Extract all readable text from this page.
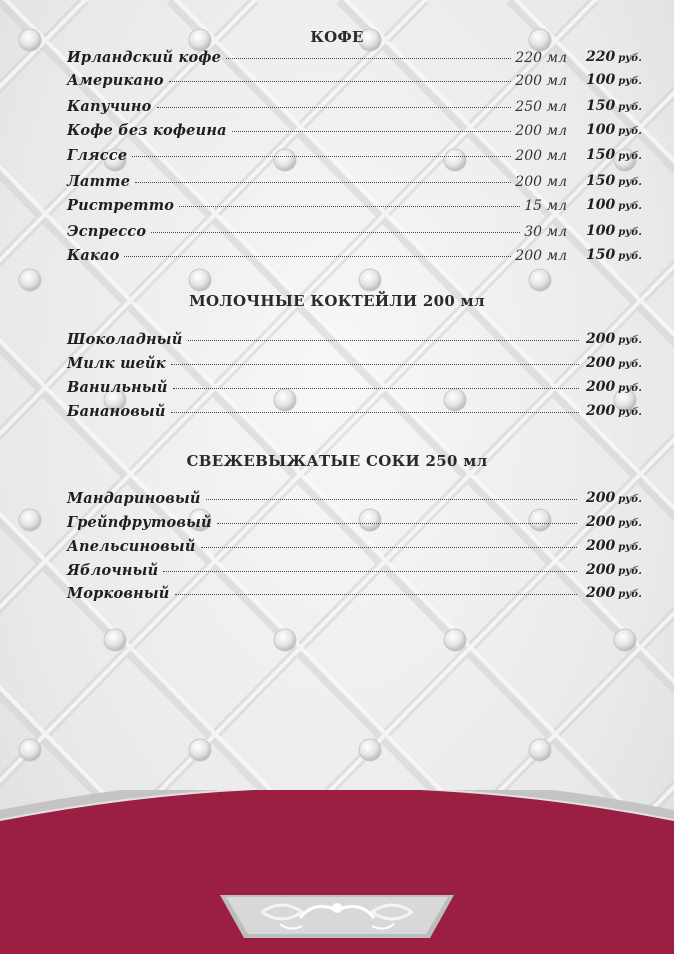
КОФЕ
Ирландский кофе	220 мл 220 руб.
Американо	200 мл 100 руб.
Капучино	250 мл 150 руб.
Кофе без кофеина	200 мл 100 руб.
Гляссе	200 мл 150 руб.
Латте	200 мл 150 руб.
Ристретто	15 мл 100 руб.
Эспрессо	30 мл 100 руб.
Какао	200 мл 150 руб.
МОЛОЧНЫЕ КОКТЕЙЛИ 200 мл
Шоколадный	200 руб.
Милк шейк	200 руб.
Ванильный	200 руб.
Банановый	200 руб.
СВЕЖЕВЫЖАТЫЕ СОКИ 250 мл
Мандариновый	200 руб.
Грейпфрутовый	200 руб.
Апельсиновый	200 руб.
Яблочный	200 руб.
Морковный	200 руб.
